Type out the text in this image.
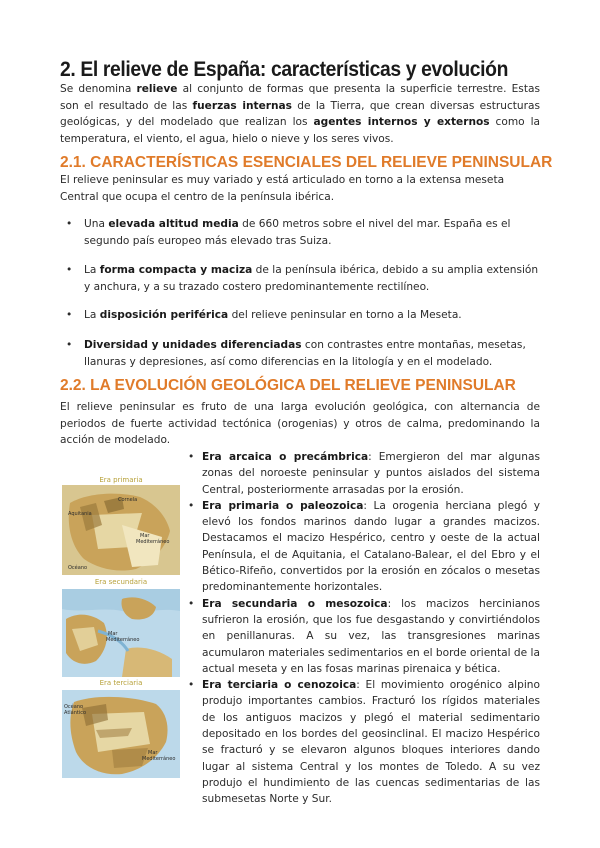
2. El relieve de España: características y evolución

Se denomina relieve al conjunto de formas que presenta la superficie terrestre. Estas son el resultado de las fuerzas internas de la Tierra, que crean diversas estructuras geológicas, y del modelado que realizan los agentes internos y externos como la temperatura, el viento, el agua, hielo o nieve y los seres vivos.

2.1. CARACTERÍSTICAS ESENCIALES DEL RELIEVE PENINSULAR

El relieve peninsular es muy variado y está articulado en torno a la extensa meseta Central que ocupa el centro de la península ibérica.

• Una elevada altitud media de 660 metros sobre el nivel del mar. España es el segundo país europeo más elevado tras Suiza.
• La forma compacta y maciza de la península ibérica, debido a su amplia extensión y anchura, y a su trazado costero predominantemente rectilíneo.
• La disposición periférica del relieve peninsular en torno a la Meseta.
• Diversidad y unidades diferenciadas con contrastes entre montañas, mesetas, llanuras y depresiones, así como diferencias en la litología y en el modelado.
2.2. LA EVOLUCIÓN GEOLÓGICA DEL RELIEVE PENINSULAR

El relieve peninsular es fruto de una larga evolución geológica, con alternancia de periodos de fuerte actividad tectónica (orogenias) y otros de calma, predominando la acción de modelado.

Era primaria
Cornela
Aquitania
Mar
Mediterráneo
Océano
Era secundaria
Mar
Mediterráneo
Era terciaria
Océano
Atlántico
Mar
Mediterráneo
• Era arcaica o precámbrica: Emergieron del mar algunas zonas del noroeste peninsular y puntos aislados del sistema Central, posteriormente arrasadas por la erosión.
• Era primaria o paleozoica: La orogenia herciana plegó y elevó los fondos marinos dando lugar a grandes macizos. Destacamos el macizo Hespérico, centro y oeste de la actual Península, el de Aquitania, el Catalano-Balear, el del Ebro y el Bético-Rifeño, convertidos por la erosión en zócalos o mesetas predominantemente horizontales.
• Era secundaria o mesozoica: los macizos hercinianos sufrieron la erosión, que los fue desgastando y convirtiéndolos en penillanuras. A su vez, las transgresiones marinas acumularon materiales sedimentarios en el borde oriental de la actual meseta y en las fosas marinas pirenaica y bética.
• Era terciaria o cenozoica: El movimiento orogénico alpino produjo importantes cambios. Fracturó los rígidos materiales de los antiguos macizos y plegó el material sedimentario depositado en los bordes del geosinclinal. El macizo Hespérico se fracturó y se elevaron algunos bloques interiores dando lugar al sistema Central y los montes de Toledo. A su vez produjo el hundimiento de las cuencas sedimentarias de las submesetas Norte y Sur.
